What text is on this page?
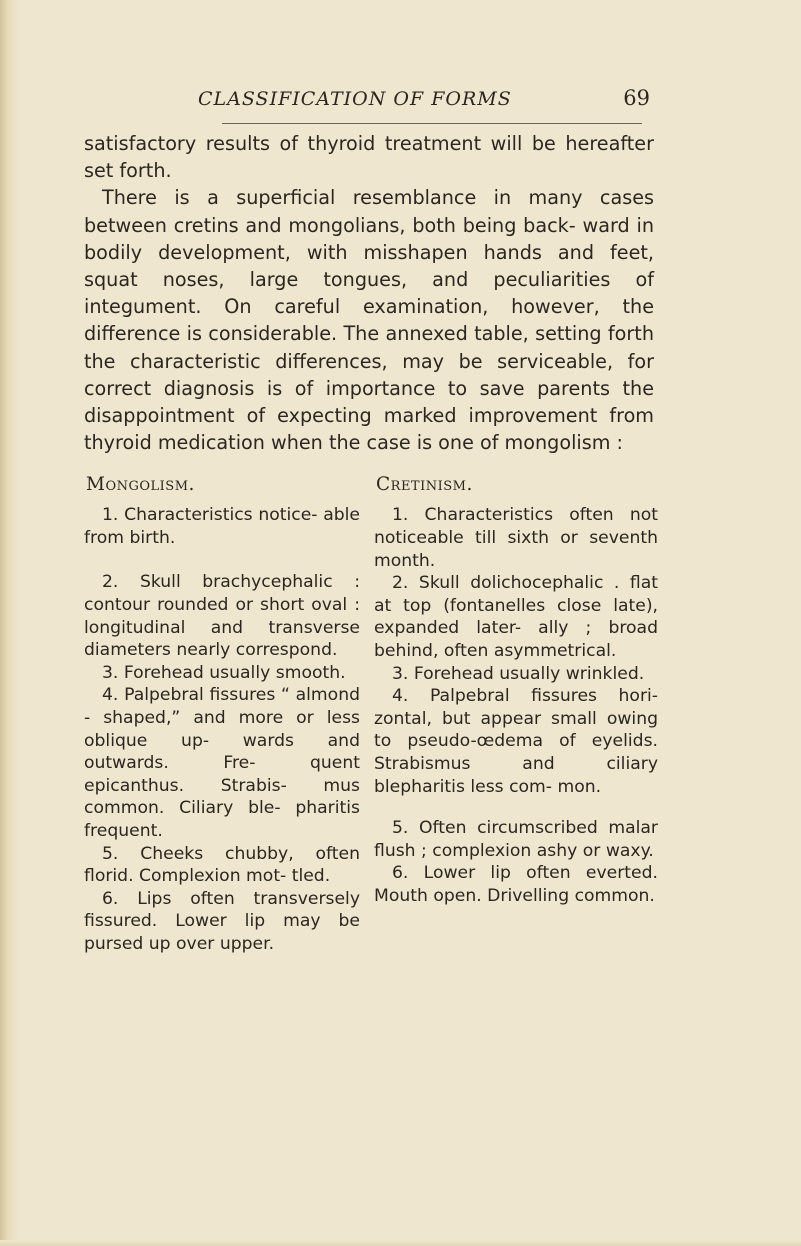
CLASSIFICATION OF FORMS	69

satisfactory results of thyroid treatment will be hereafter set forth.

There is a superficial resemblance in many cases between cretins and mongolians, both being back- ward in bodily development, with misshapen hands and feet, squat noses, large tongues, and peculiarities of integument. On careful examination, however, the difference is considerable. The annexed table, setting forth the characteristic differences, may be serviceable, for correct diagnosis is of importance to save parents the disappointment of expecting marked improvement from thyroid medication when the case is one of mongolism :

Mongolism.

1. Characteristics notice- able from birth.

2. Skull brachycephalic : contour rounded or short oval : longitudinal and transverse diameters nearly correspond.

3. Forehead usually smooth.

4. Palpebral fissures “ almond - shaped,” and more or less oblique up- wards and outwards. Fre- quent epicanthus. Strabis- mus common. Ciliary ble- pharitis frequent.

5. Cheeks chubby, often florid. Complexion mot- tled.

6. Lips often transversely fissured. Lower lip may be pursed up over upper.

Cretinism.

1. Characteristics often not noticeable till sixth or seventh month.

2. Skull dolichocephalic . flat at top (fontanelles close late), expanded later- ally ; broad behind, often asymmetrical.

3. Forehead usually wrinkled.

4. Palpebral fissures hori- zontal, but appear small owing to pseudo-œdema of eyelids. Strabismus and ciliary blepharitis less com- mon.

5. Often circumscribed malar flush ; complexion ashy or waxy.

6. Lower lip often everted. Mouth open. Drivelling common.
